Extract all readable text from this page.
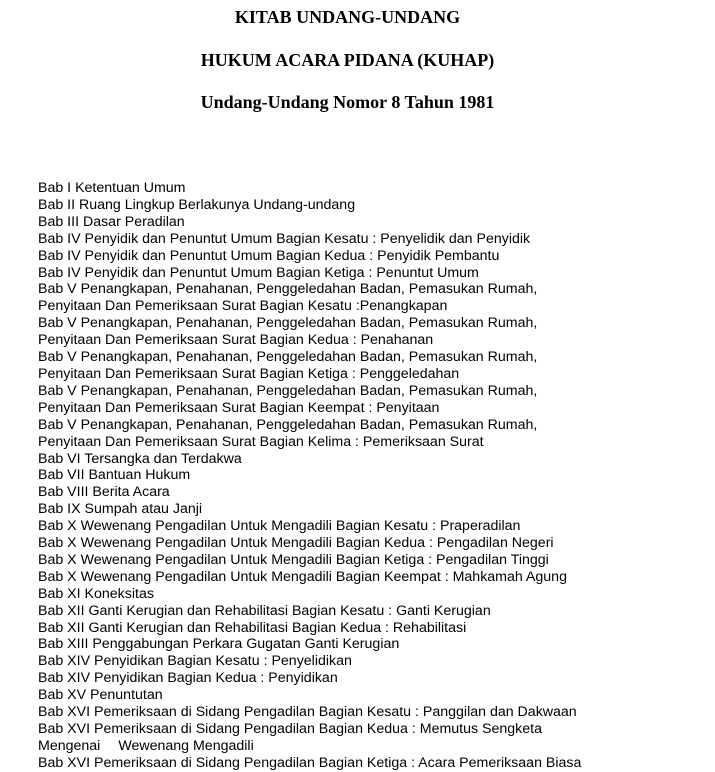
KITAB UNDANG-UNDANG
HUKUM ACARA PIDANA (KUHAP)
Undang-Undang Nomor 8 Tahun 1981
Bab I Ketentuan Umum
Bab II Ruang Lingkup Berlakunya Undang-undang
Bab III Dasar Peradilan
Bab IV Penyidik dan Penuntut Umum Bagian Kesatu : Penyelidik dan Penyidik
Bab IV Penyidik dan Penuntut Umum Bagian Kedua : Penyidik Pembantu
Bab IV Penyidik dan Penuntut Umum Bagian Ketiga : Penuntut Umum
Bab V Penangkapan, Penahanan, Penggeledahan Badan, Pemasukan Rumah,
Penyitaan Dan Pemeriksaan Surat Bagian Kesatu :Penangkapan
Bab V Penangkapan, Penahanan, Penggeledahan Badan, Pemasukan Rumah,
Penyitaan Dan Pemeriksaan Surat Bagian Kedua : Penahanan
Bab V Penangkapan, Penahanan, Penggeledahan Badan, Pemasukan Rumah,
Penyitaan Dan Pemeriksaan Surat Bagian Ketiga : Penggeledahan
Bab V Penangkapan, Penahanan, Penggeledahan Badan, Pemasukan Rumah,
Penyitaan Dan Pemeriksaan Surat Bagian Keempat : Penyitaan
Bab V Penangkapan, Penahanan, Penggeledahan Badan, Pemasukan Rumah,
Penyitaan Dan Pemeriksaan Surat Bagian Kelima : Pemeriksaan Surat
Bab VI Tersangka dan Terdakwa
Bab VII Bantuan Hukum
Bab VIII Berita Acara
Bab IX Sumpah atau Janji
Bab X Wewenang Pengadilan Untuk Mengadili Bagian Kesatu : Praperadilan
Bab X Wewenang Pengadilan Untuk Mengadili Bagian Kedua : Pengadilan Negeri
Bab X Wewenang Pengadilan Untuk Mengadili Bagian Ketiga : Pengadilan Tinggi
Bab X Wewenang Pengadilan Untuk Mengadili Bagian Keempat : Mahkamah Agung
Bab XI Koneksitas
Bab XII Ganti Kerugian dan Rehabilitasi Bagian Kesatu : Ganti Kerugian
Bab XII Ganti Kerugian dan Rehabilitasi Bagian Kedua : Rehabilitasi
Bab XIII Penggabungan Perkara Gugatan Ganti Kerugian
Bab XIV Penyidikan Bagian Kesatu : Penyelidikan
Bab XIV Penyidikan Bagian Kedua : Penyidikan
Bab XV Penuntutan
Bab XVI Pemeriksaan di Sidang Pengadilan Bagian Kesatu : Panggilan dan Dakwaan
Bab XVI Pemeriksaan di Sidang Pengadilan Bagian Kedua : Memutus Sengketa
Mengenai Wewenang Mengadili
Bab XVI Pemeriksaan di Sidang Pengadilan Bagian Ketiga : Acara Pemeriksaan Biasa
